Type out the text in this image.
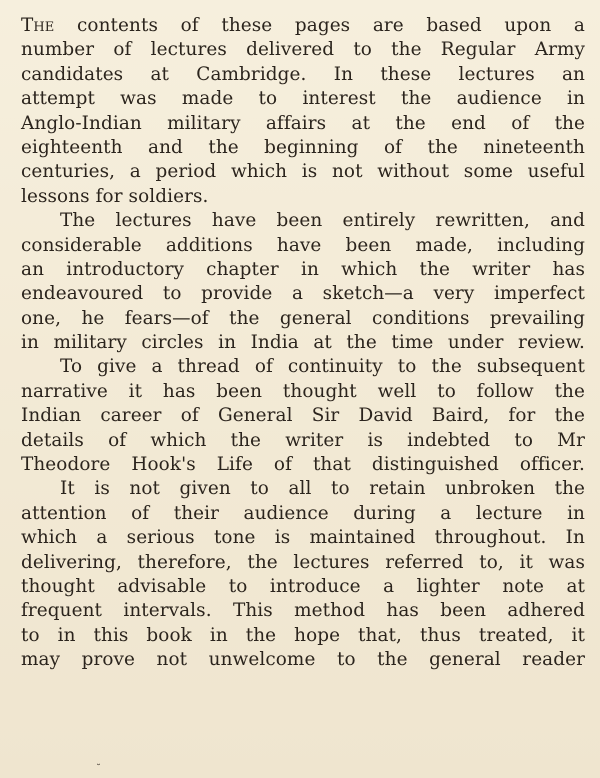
The contents of these pages are based upon a
number of lectures delivered to the Regular Army
candidates at Cambridge. In these lectures an
attempt was made to interest the audience in
Anglo-Indian military affairs at the end of the
eighteenth and the beginning of the nineteenth
centuries, a period which is not without some useful
lessons for soldiers.
The lectures have been entirely rewritten, and
considerable additions have been made, including
an introductory chapter in which the writer has
endeavoured to provide a sketch—a very imperfect
one, he fears—of the general conditions prevailing
in military circles in India at the time under review.
To give a thread of continuity to the subsequent
narrative it has been thought well to follow the
Indian career of General Sir David Baird, for the
details of which the writer is indebted to Mr
Theodore Hook's Life of that distinguished officer.
It is not given to all to retain unbroken the
attention of their audience during a lecture in
which a serious tone is maintained throughout. In
delivering, therefore, the lectures referred to, it was
thought advisable to introduce a lighter note at
frequent intervals. This method has been adhered
to in this book in the hope that, thus treated, it
may prove not unwelcome to the general reader
˘
